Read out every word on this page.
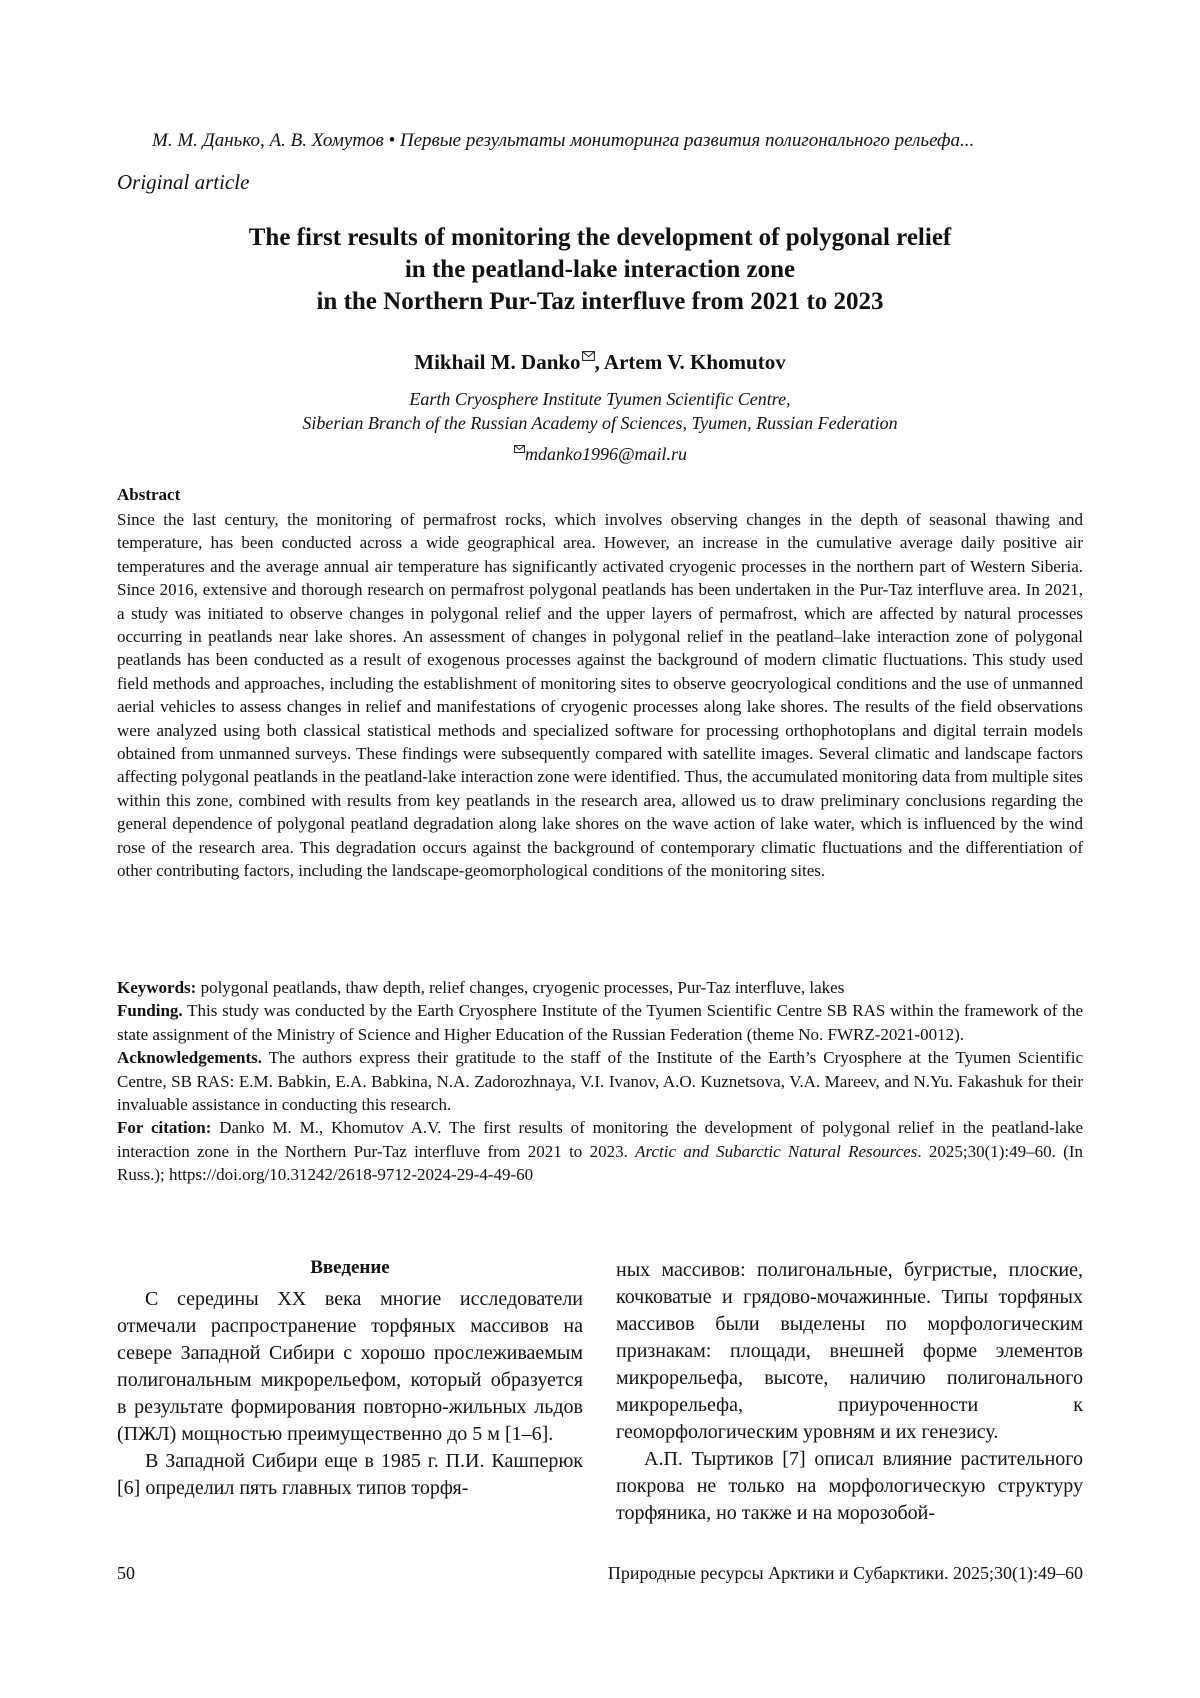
М. М. Данько, А. В. Хомутов • Первые результаты мониторинга развития полигонального рельефа...
Original article
The first results of monitoring the development of polygonal relief
in the peatland-lake interaction zone
in the Northern Pur-Taz interfluve from 2021 to 2023
Mikhail M. Danko , Artem V. Khomutov
Earth Cryosphere Institute Tyumen Scientific Centre,
Siberian Branch of the Russian Academy of Sciences, Tyumen, Russian Federation
mdanko1996@mail.ru
Abstract
Since the last century, the monitoring of permafrost rocks, which involves observing changes in the depth of seasonal thawing and temperature, has been conducted across a wide geographical area. However, an increase in the cumulative average daily positive air temperatures and the average annual air temperature has significantly activated cryogenic processes in the northern part of Western Siberia. Since 2016, extensive and thorough research on permafrost polygonal peatlands has been undertaken in the Pur-Taz interfluve area. In 2021, a study was initiated to observe changes in polygonal relief and the upper layers of permafrost, which are affected by natural processes occurring in peatlands near lake shores. An assessment of changes in polygonal relief in the peatland–lake interaction zone of polygonal peatlands has been conducted as a result of exogenous processes against the background of modern climatic fluctuations. This study used field methods and approaches, including the establishment of monitoring sites to observe geocryological conditions and the use of unmanned aerial vehicles to assess changes in relief and manifestations of cryogenic processes along lake shores. The results of the field observations were analyzed using both classical statistical methods and specialized software for processing orthophotoplans and digital terrain models obtained from unmanned surveys. These findings were subsequently compared with satellite images. Several climatic and landscape factors affecting polygonal peatlands in the peatland-lake interaction zone were identified. Thus, the accumulated monitoring data from multiple sites within this zone, combined with results from key peatlands in the research area, allowed us to draw preliminary conclusions regarding the general dependence of polygonal peatland degradation along lake shores on the wave action of lake water, which is influenced by the wind rose of the research area. This degradation occurs against the background of contemporary climatic fluctuations and the differentiation of other contributing factors, including the landscape-geomorphological conditions of the monitoring sites.

Keywords: polygonal peatlands, thaw depth, relief changes, cryogenic processes, Pur-Taz interfluve, lakes

Funding. This study was conducted by the Earth Cryosphere Institute of the Tyumen Scientific Centre SB RAS within the framework of the state assignment of the Ministry of Science and Higher Education of the Russian Federation (theme No. FWRZ-2021-0012).

Acknowledgements. The authors express their gratitude to the staff of the Institute of the Earth’s Cryosphere at the Tyumen Scientific Centre, SB RAS: E.M. Babkin, E.A. Babkina, N.A. Zadorozhnaya, V.I. Ivanov, A.O. Kuznetsova, V.A. Mareev, and N.Yu. Fakashuk for their invaluable assistance in conducting this research.

For citation: Danko M. M., Khomutov A.V. The first results of monitoring the development of polygonal relief in the peatland-lake interaction zone in the Northern Pur-Taz interfluve from 2021 to 2023. Arctic and Subarctic Natural Resources. 2025;30(1):49–60. (In Russ.); https://doi.org/10.31242/2618-9712-2024-29-4-49-60

Введение

С середины XX века многие исследователи отмечали распространение торфяных массивов на севере Западной Сибири с хорошо прослеживаемым полигональным микрорельефом, который образуется в результате формирования повторно-жильных льдов (ПЖЛ) мощностью преимущественно до 5 м [1–6].

В Западной Сибири еще в 1985 г. П.И. Кашперюк [6] определил пять главных типов торфя-

ных массивов: полигональные, бугристые, плоские, кочковатые и грядово-мочажинные. Типы торфяных массивов были выделены по морфологическим признакам: площади, внешней форме элементов микрорельефа, высоте, наличию полигонального микрорельефа, приуроченности к геоморфологическим уровням и их генезису.

А.П. Тыртиков [7] описал влияние растительного покрова не только на морфологическую структуру торфяника, но также и на морозобой-

50	Природные ресурсы Арктики и Субарктики. 2025;30(1):49–60
